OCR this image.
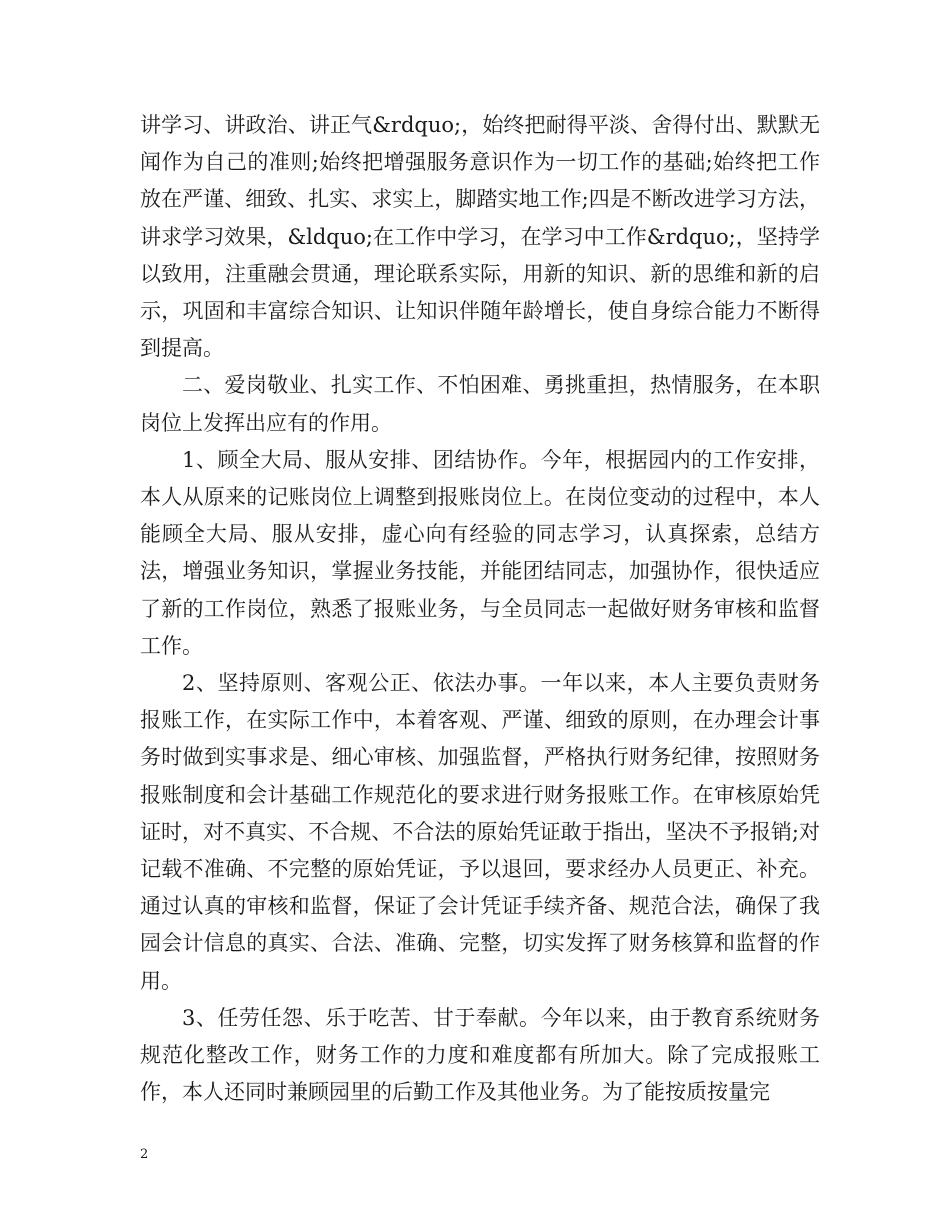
讲学习、讲政治、讲正气&rdquo;，始终把耐得平淡、舍得付出、默默无闻作为自己的准则;始终把增强服务意识作为一切工作的基础;始终把工作放在严谨、细致、扎实、求实上，脚踏实地工作;四是不断改进学习方法，讲求学习效果，&ldquo;在工作中学习，在学习中工作&rdquo;，坚持学以致用，注重融会贯通，理论联系实际，用新的知识、新的思维和新的启示，巩固和丰富综合知识、让知识伴随年龄增长，使自身综合能力不断得到提高。

二、爱岗敬业、扎实工作、不怕困难、勇挑重担，热情服务，在本职岗位上发挥出应有的作用。

1、顾全大局、服从安排、团结协作。今年，根据园内的工作安排，本人从原来的记账岗位上调整到报账岗位上。在岗位变动的过程中，本人能顾全大局、服从安排，虚心向有经验的同志学习，认真探索，总结方法，增强业务知识，掌握业务技能，并能团结同志，加强协作，很快适应了新的工作岗位，熟悉了报账业务，与全员同志一起做好财务审核和监督工作。

2、坚持原则、客观公正、依法办事。一年以来，本人主要负责财务报账工作，在实际工作中，本着客观、严谨、细致的原则，在办理会计事务时做到实事求是、细心审核、加强监督，严格执行财务纪律，按照财务报账制度和会计基础工作规范化的要求进行财务报账工作。在审核原始凭证时，对不真实、不合规、不合法的原始凭证敢于指出，坚决不予报销;对记载不准确、不完整的原始凭证，予以退回，要求经办人员更正、补充。通过认真的审核和监督，保证了会计凭证手续齐备、规范合法，确保了我园会计信息的真实、合法、准确、完整，切实发挥了财务核算和监督的作用。

3、任劳任怨、乐于吃苦、甘于奉献。今年以来，由于教育系统财务规范化整改工作，财务工作的力度和难度都有所加大。除了完成报账工作，本人还同时兼顾园里的后勤工作及其他业务。为了能按质按量完

2
